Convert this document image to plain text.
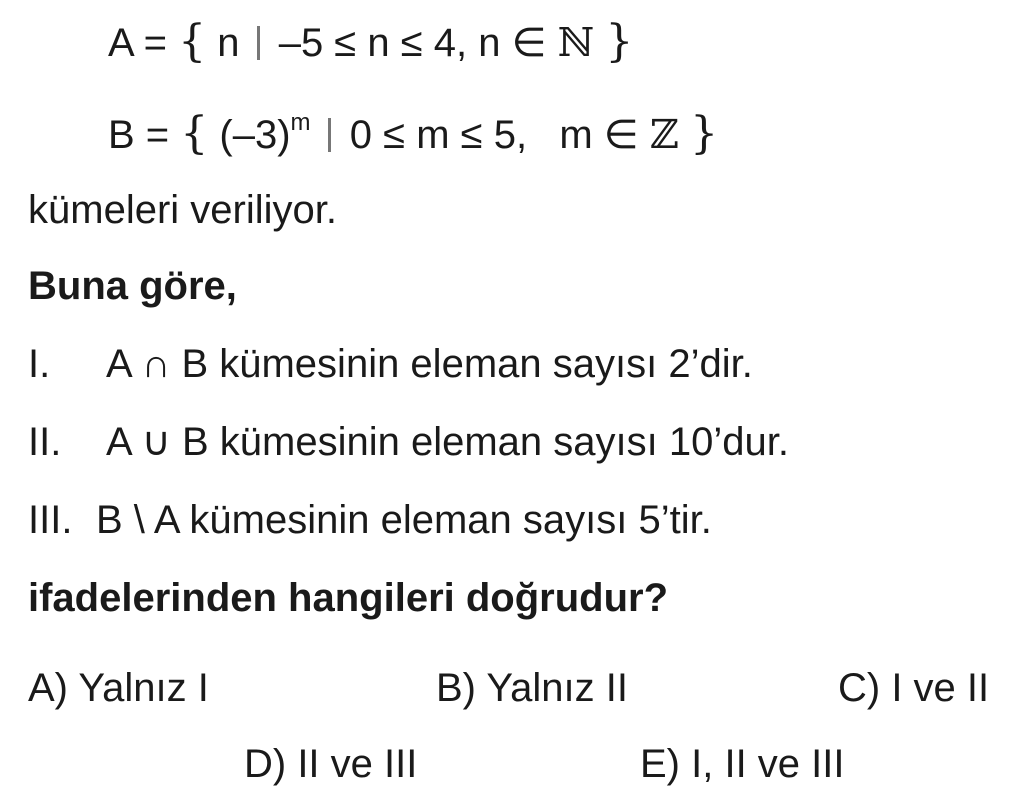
A = { n –5 ≤ n ≤ 4, n ∈ ℕ }
B = { $(-3)^m$ 0 ≤ m ≤ 5, m ∈ ℤ }
kümeleri veriliyor.
Buna göre,
I. A ∩ B kümesinin eleman sayısı 2’dir.
II. A ∪ B kümesinin eleman sayısı 10’dur.
III. B \ A kümesinin eleman sayısı 5’tir.
ifadelerinden hangileri doğrudur?
A) Yalnız I	B) Yalnız II	C) I ve II
D) II ve III	E) I, II ve III
